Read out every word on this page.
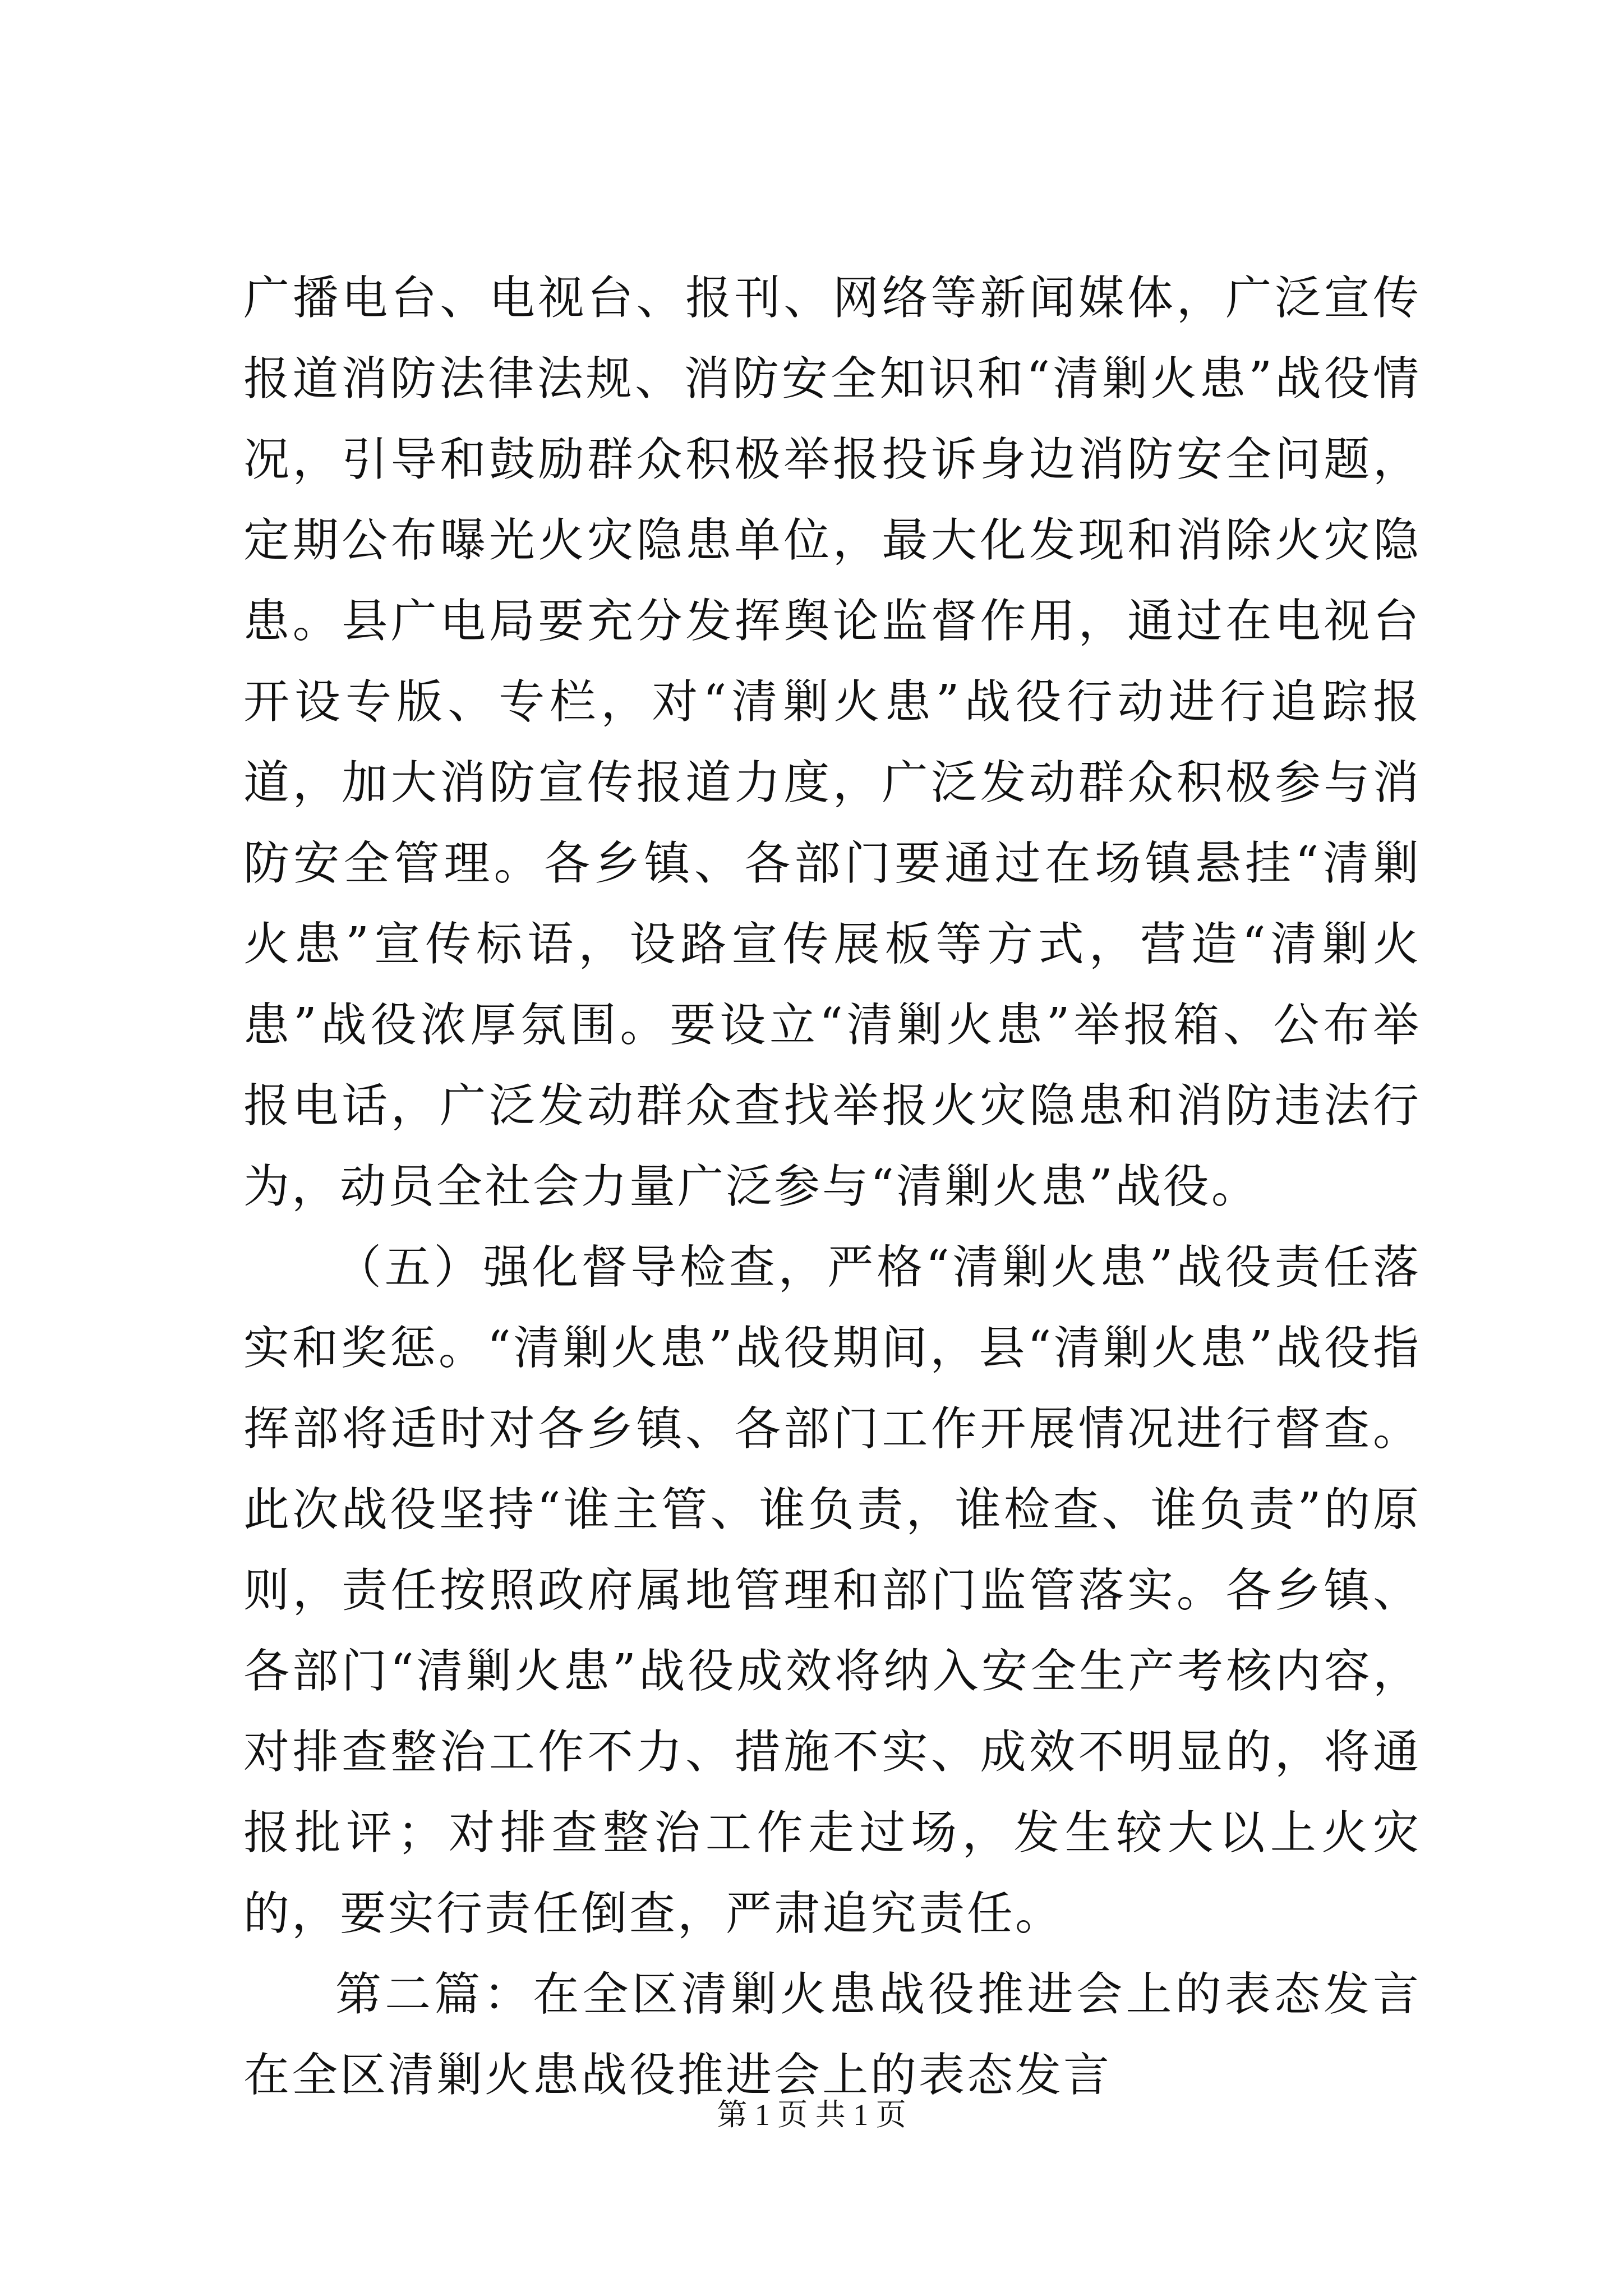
广播电台、电视台、报刊、网络等新闻媒体，广泛宣传报道消防法律法规、消防安全知识和“清剿火患”战役情况，引导和鼓励群众积极举报投诉身边消防安全问题，定期公布曝光火灾隐患单位，最大化发现和消除火灾隐患。县广电局要充分发挥舆论监督作用，通过在电视台开设专版、专栏，对“清剿火患”战役行动进行追踪报道，加大消防宣传报道力度，广泛发动群众积极参与消防安全管理。各乡镇、各部门要通过在场镇悬挂“清剿火患”宣传标语，设路宣传展板等方式，营造“清剿火患”战役浓厚氛围。要设立“清剿火患”举报箱、公布举报电话，广泛发动群众查找举报火灾隐患和消防违法行为，动员全社会力量广泛参与“清剿火患”战役。

（五）强化督导检查，严格“清剿火患”战役责任落实和奖惩。“清剿火患”战役期间，县“清剿火患”战役指挥部将适时对各乡镇、各部门工作开展情况进行督查。此次战役坚持“谁主管、谁负责，谁检查、谁负责”的原则，责任按照政府属地管理和部门监管落实。各乡镇、各部门“清剿火患”战役成效将纳入安全生产考核内容，对排查整治工作不力、措施不实、成效不明显的，将通报批评；对排查整治工作走过场，发生较大以上火灾的，要实行责任倒查，严肃追究责任。

第二篇：在全区清剿火患战役推进会上的表态发言在全区清剿火患战役推进会上的表态发言

第 1 页 共 1 页
